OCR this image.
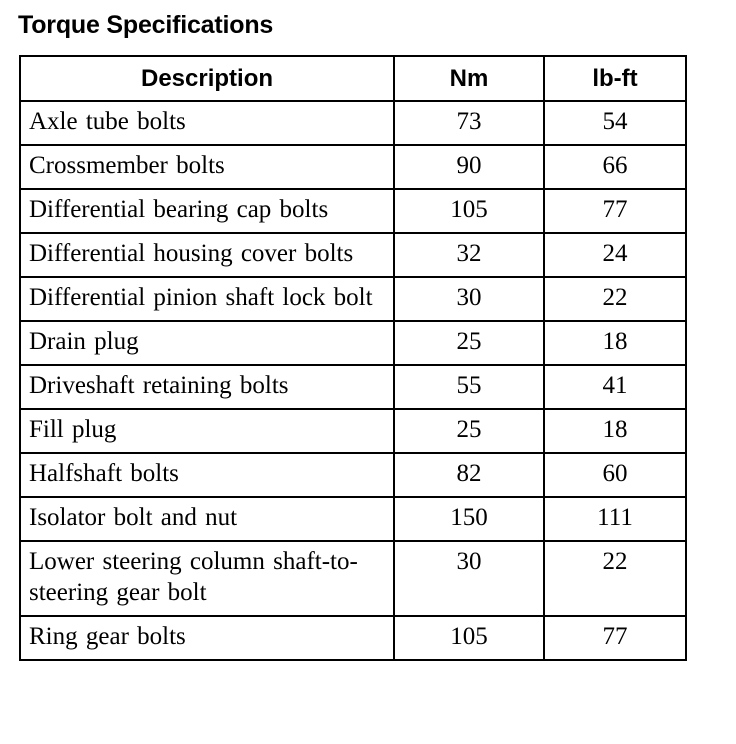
Torque Specifications
Description	Nm	lb-ft
Axle tube bolts	73	54
Crossmember bolts	90	66
Differential bearing cap bolts	105	77
Differential housing cover bolts	32	24
Differential pinion shaft lock bolt	30	22
Drain plug	25	18
Driveshaft retaining bolts	55	41
Fill plug	25	18
Halfshaft bolts	82	60
Isolator bolt and nut	150	111
Lower steering column shaft-to-steering gear bolt	30	22
Ring gear bolts	105	77
